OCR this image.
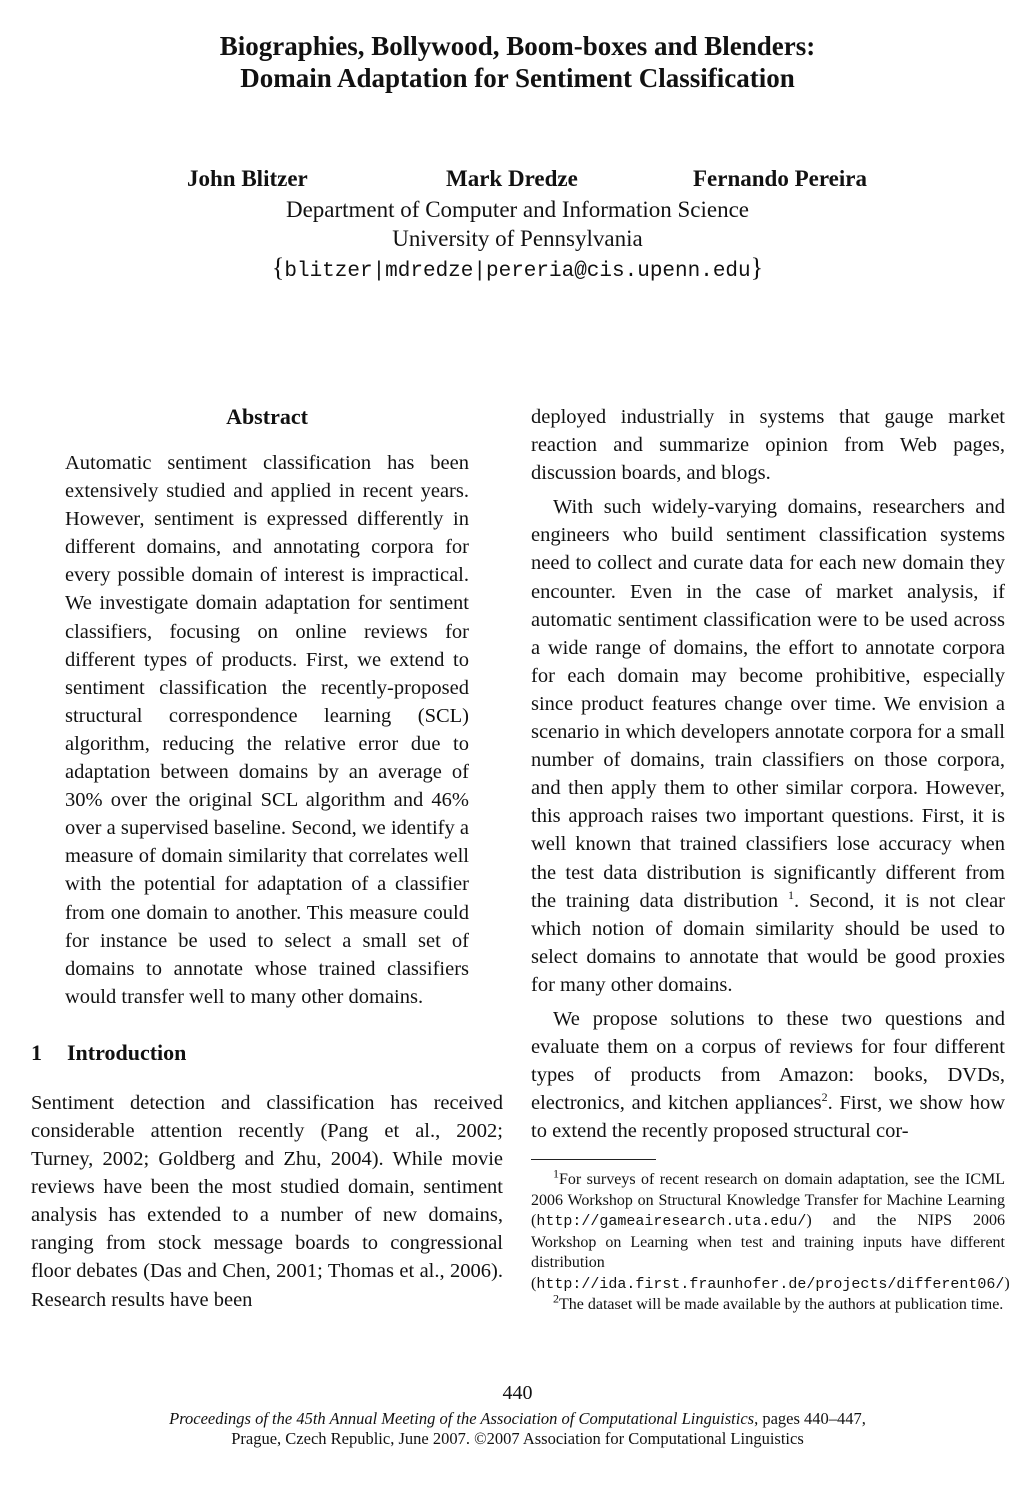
Biographies, Bollywood, Boom-boxes and Blenders:
Domain Adaptation for Sentiment Classification
John Blitzer	Mark Dredze	Fernando Pereira
Department of Computer and Information Science
University of Pennsylvania
{blitzer|mdredze|pereria@cis.upenn.edu}
Abstract

Automatic sentiment classification has been extensively studied and applied in recent years. However, sentiment is expressed differently in different domains, and annotating corpora for every possible domain of interest is impractical. We investigate domain adaptation for sentiment classifiers, focusing on online reviews for different types of products. First, we extend to sentiment classification the recently-proposed structural correspondence learning (SCL) algorithm, reducing the relative error due to adaptation between domains by an average of 30% over the original SCL algorithm and 46% over a supervised baseline. Second, we identify a measure of domain similarity that correlates well with the potential for adaptation of a classifier from one domain to another. This measure could for instance be used to select a small set of domains to annotate whose trained classifiers would transfer well to many other domains.

1 Introduction

Sentiment detection and classification has received considerable attention recently (Pang et al., 2002; Turney, 2002; Goldberg and Zhu, 2004). While movie reviews have been the most studied domain, sentiment analysis has extended to a number of new domains, ranging from stock message boards to congressional floor debates (Das and Chen, 2001; Thomas et al., 2006). Research results have been

deployed industrially in systems that gauge market reaction and summarize opinion from Web pages, discussion boards, and blogs.

With such widely-varying domains, researchers and engineers who build sentiment classification systems need to collect and curate data for each new domain they encounter. Even in the case of market analysis, if automatic sentiment classification were to be used across a wide range of domains, the effort to annotate corpora for each domain may become prohibitive, especially since product features change over time. We envision a scenario in which developers annotate corpora for a small number of domains, train classifiers on those corpora, and then apply them to other similar corpora. However, this approach raises two important questions. First, it is well known that trained classifiers lose accuracy when the test data distribution is significantly different from the training data distribution $^1$. Second, it is not clear which notion of domain similarity should be used to select domains to annotate that would be good proxies for many other domains.

We propose solutions to these two questions and evaluate them on a corpus of reviews for four different types of products from Amazon: books, DVDs, electronics, and kitchen appliances$^2$. First, we show how to extend the recently proposed structural cor-

$^1$For surveys of recent research on domain adaptation, see the ICML 2006 Workshop on Structural Knowledge Transfer for Machine Learning (http://gameairesearch.uta.edu/) and the NIPS 2006 Workshop on Learning when test and training inputs have different distribution (http://ida.first.fraunhofer.de/projects/different06/)

$^2$The dataset will be made available by the authors at publication time.

440
Proceedings of the 45th Annual Meeting of the Association of Computational Linguistics, pages 440–447,
Prague, Czech Republic, June 2007. ©2007 Association for Computational Linguistics
